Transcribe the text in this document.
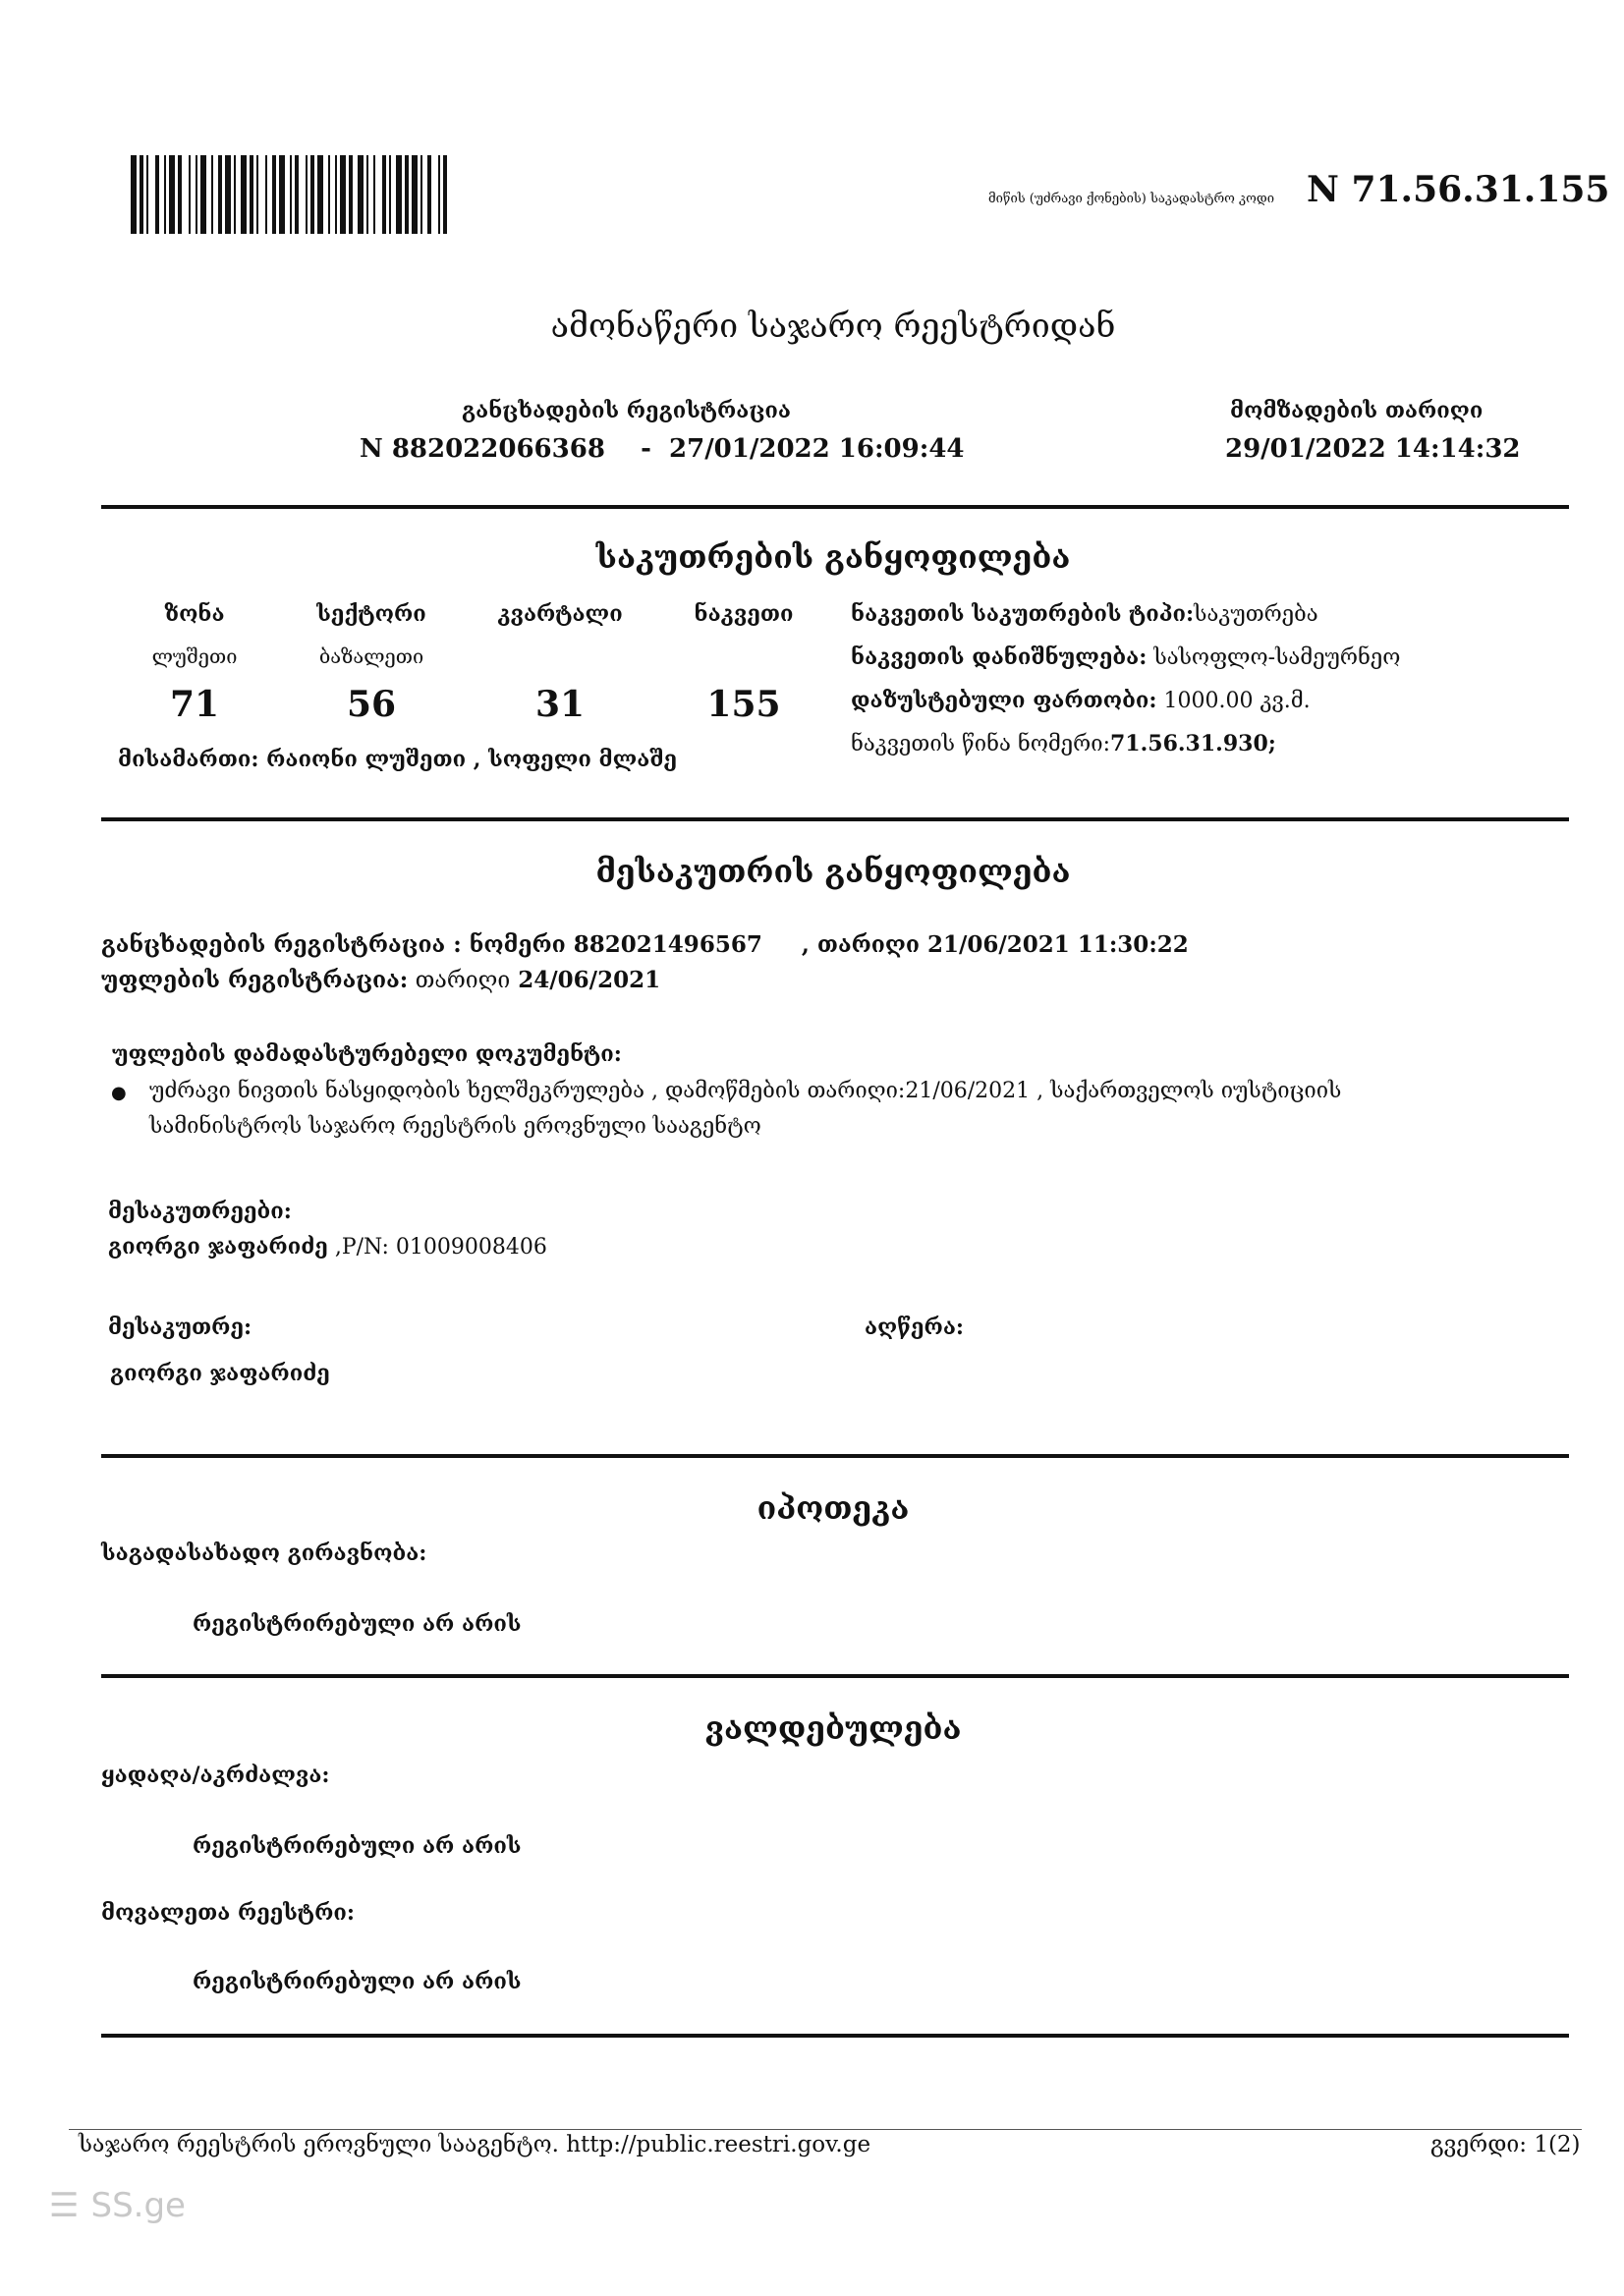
მიწის (უძრავი ქონების) საკადასტრო კოდი N 71.56.31.155
ამონაწერი საჯარო რეესტრიდან
განცხადების რეგისტრაცია
N 882022066368    -  27/01/2022 16:09:44
მომზადების თარიღი
29/01/2022 14:14:32
საკუთრების განყოფილება
ზონა	სექტორი	კვარტალი	ნაკვეთი
ლუშეთი	ბაზალეთი
71	56	31	155
მისამართი: რაიონი ლუშეთი , სოფელი მლაშე
ნაკვეთის საკუთრების ტიპი:საკუთრება
ნაკვეთის დანიშნულება: სასოფლო-სამეურნეო
დაზუსტებული ფართობი: 1000.00 კვ.მ.
ნაკვეთის წინა ნომერი:71.56.31.930;
მესაკუთრის განყოფილება
განცხადების რეგისტრაცია : ნომერი 882021496567 , თარიღი 21/06/2021 11:30:22
უფლების რეგისტრაცია: თარიღი 24/06/2021
უფლების დამადასტურებელი დოკუმენტი:
● უძრავი ნივთის ნასყიდობის ხელშეკრულება , დამოწმების თარიღი:21/06/2021 , საქართველოს იუსტიციის
სამინისტროს საჯარო რეესტრის ეროვნული სააგენტო
მესაკუთრეები:
გიორგი ჯაფარიძე ,P/N: 01009008406
მესაკუთრე:	აღწერა:
გიორგი ჯაფარიძე
იპოთეკა
საგადასახადო გირავნობა:
რეგისტრირებული არ არის
ვალდებულება
ყადაღა/აკრძალვა:
რეგისტრირებული არ არის
მოვალეთა რეესტრი:
რეგისტრირებული არ არის
საჯარო რეესტრის ეროვნული სააგენტო. http://public.reestri.gov.ge	გვერდი: 1(2)
☰ SS.ge
